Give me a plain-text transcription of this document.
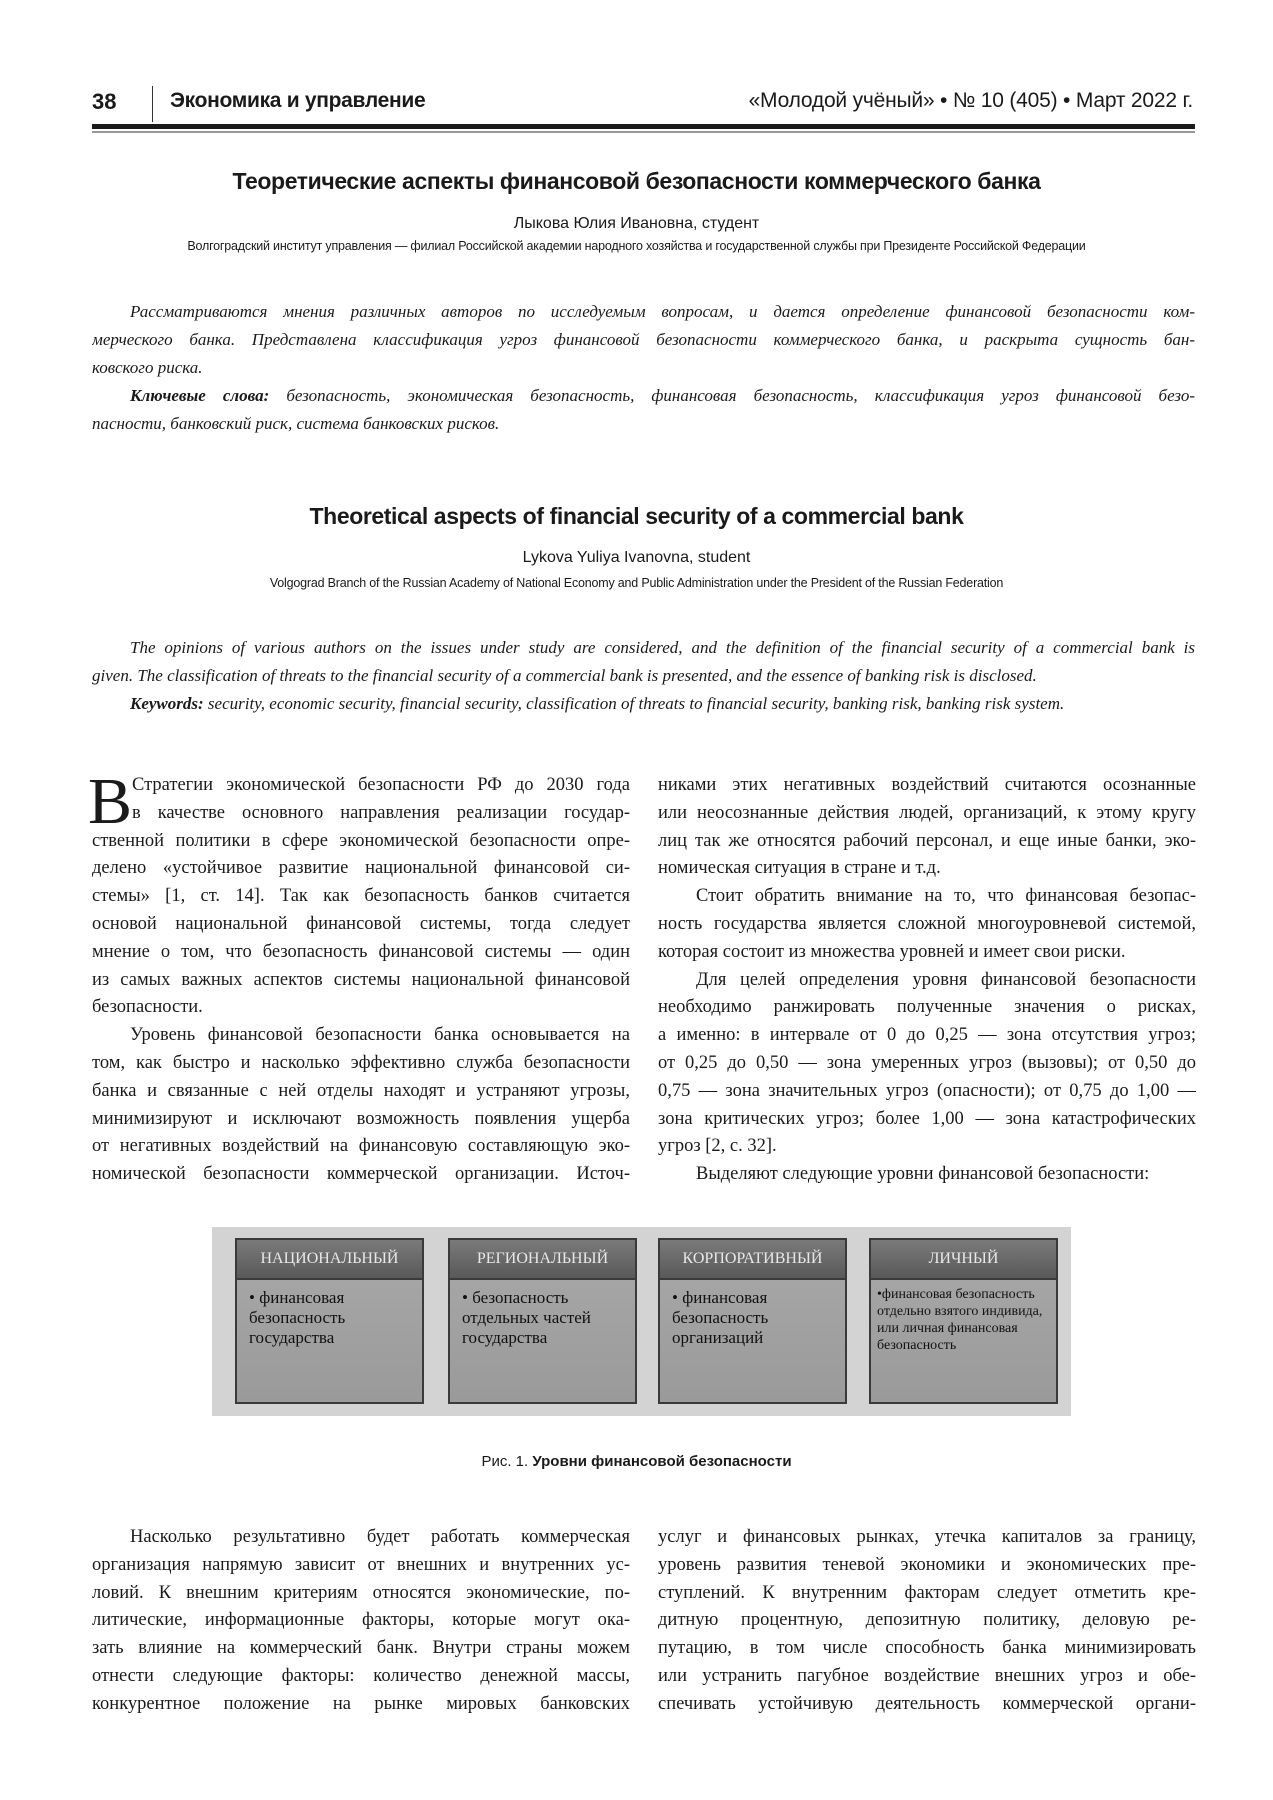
38	Экономика и управление	«Молодой учёный» • № 10 (405) • Март 2022 г.
Теоретические аспекты финансовой безопасности коммерческого банка
Лыкова Юлия Ивановна, студент
Волгоградский институт управления — филиал Российской академии народного хозяйства и государственной службы при Президенте Российской Федерации
Рассматриваются мнения различных авторов по исследуемым вопросам, и дается определение финансовой безопасности ком-
мерческого банка. Представлена классификация угроз финансовой безопасности коммерческого банка, и раскрыта сущность бан-
ковского риска.
Ключевые слова: безопасность, экономическая безопасность, финансовая безопасность, классификация угроз финансовой безо-
пасности, банковский риск, система банковских рисков.
Theoretical aspects of financial security of a commercial bank
Lykova Yuliya Ivanovna, student
Volgograd Branch of the Russian Academy of National Economy and Public Administration under the President of the Russian Federation
The opinions of various authors on the issues under study are considered, and the definition of the financial security of a commercial bank is
given. The classification of threats to the financial security of a commercial bank is presented, and the essence of banking risk is disclosed.
Keywords: security, economic security, financial security, classification of threats to financial security, banking risk, banking risk system.
В Стратегии экономической безопасности РФ до 2030 года
в качестве основного направления реализации государ-
ственной политики в сфере экономической безопасности опре-
делено «устойчивое развитие национальной финансовой си-
стемы» [1, ст. 14]. Так как безопасность банков считается
основой национальной финансовой системы, тогда следует
мнение о том, что безопасность финансовой системы — один
из самых важных аспектов системы национальной финансовой
безопасности.
Уровень финансовой безопасности банка основывается на
том, как быстро и насколько эффективно служба безопасности
банка и связанные с ней отделы находят и устраняют угрозы,
минимизируют и исключают возможность появления ущерба
от негативных воздействий на финансовую составляющую эко-
номической безопасности коммерческой организации. Источ-
никами этих негативных воздействий считаются осознанные
или неосознанные действия людей, организаций, к этому кругу
лиц так же относятся рабочий персонал, и еще иные банки, эко-
номическая ситуация в стране и т.д.
Стоит обратить внимание на то, что финансовая безопас-
ность государства является сложной многоуровневой системой,
которая состоит из множества уровней и имеет свои риски.
Для целей определения уровня финансовой безопасности
необходимо ранжировать полученные значения о рисках,
а именно: в интервале от 0 до 0,25 — зона отсутствия угроз;
от 0,25 до 0,50 — зона умеренных угроз (вызовы); от 0,50 до
0,75 — зона значительных угроз (опасности); от 0,75 до 1,00 —
зона критических угроз; более 1,00 — зона катастрофических
угроз [2, с. 32].
Выделяют следующие уровни финансовой безопасности:
НАЦИОНАЛЬНЫЙ
• финансовая безопасность государства
РЕГИОНАЛЬНЫЙ
• безопасность отдельных частей государства
КОРПОРАТИВНЫЙ
• финансовая безопасность организаций
ЛИЧНЫЙ
•финансовая безопасность отдельно взятого индивида, или личная финансовая безопасность
Рис. 1. Уровни финансовой безопасности
Насколько результативно будет работать коммерческая
организация напрямую зависит от внешних и внутренних ус-
ловий. К внешним критериям относятся экономические, по-
литические, информационные факторы, которые могут ока-
зать влияние на коммерческий банк. Внутри страны можем
отнести следующие факторы: количество денежной массы,
конкурентное положение на рынке мировых банковских
услуг и финансовых рынках, утечка капиталов за границу,
уровень развития теневой экономики и экономических пре-
ступлений. К внутренним факторам следует отметить кре-
дитную процентную, депозитную политику, деловую ре-
путацию, в том числе способность банка минимизировать
или устранить пагубное воздействие внешних угроз и обе-
спечивать устойчивую деятельность коммерческой органи-
